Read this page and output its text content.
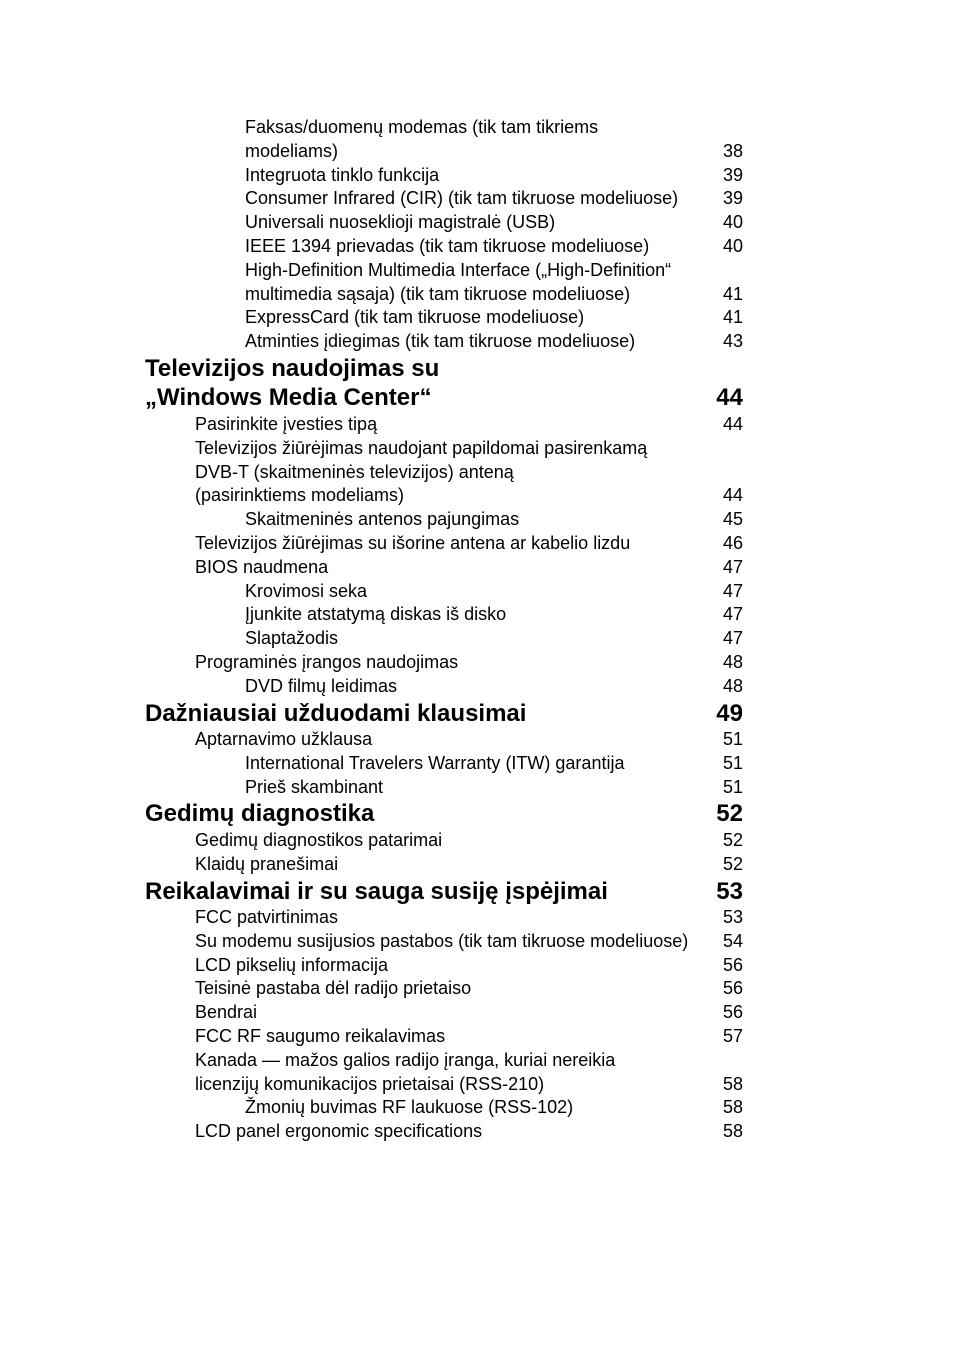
Faksas/duomenų modemas (tik tam tikriems
modeliams)	38
Integruota tinklo funkcija	39
Consumer Infrared (CIR) (tik tam tikruose modeliuose) 39
Universali nuoseklioji magistralė (USB)	40
IEEE 1394 prievadas (tik tam tikruose modeliuose)	40
High-Definition Multimedia Interface („High-Definition“
multimedia sąsaja) (tik tam tikruose modeliuose)	41
ExpressCard (tik tam tikruose modeliuose)	41
Atminties įdiegimas (tik tam tikruose modeliuose)	43
Televizijos naudojimas su
„Windows Media Center“	44
Pasirinkite įvesties tipą	44
Televizijos žiūrėjimas naudojant papildomai pasirenkamą
DVB-T (skaitmeninės televizijos) anteną
(pasirinktiems modeliams)	44
Skaitmeninės antenos pajungimas	45
Televizijos žiūrėjimas su išorine antena ar kabelio lizdu	46
BIOS naudmena	47
Krovimosi seka	47
Įjunkite atstatymą diskas iš disko	47
Slaptažodis	47
Programinės įrangos naudojimas	48
DVD filmų leidimas	48
Dažniausiai užduodami klausimai	49
Aptarnavimo užklausa	51
International Travelers Warranty (ITW) garantija	51
Prieš skambinant	51
Gedimų diagnostika	52
Gedimų diagnostikos patarimai	52
Klaidų pranešimai	52
Reikalavimai ir su sauga susiję įspėjimai	53
FCC patvirtinimas	53
Su modemu susijusios pastabos (tik tam tikruose modeliuose) 54
LCD pikselių informacija	56
Teisinė pastaba dėl radijo prietaiso	56
Bendrai	56
FCC RF saugumo reikalavimas	57
Kanada — mažos galios radijo įranga, kuriai nereikia
licenzijų komunikacijos prietaisai (RSS-210)	58
Žmonių buvimas RF laukuose (RSS-102)	58
LCD panel ergonomic specifications	58
